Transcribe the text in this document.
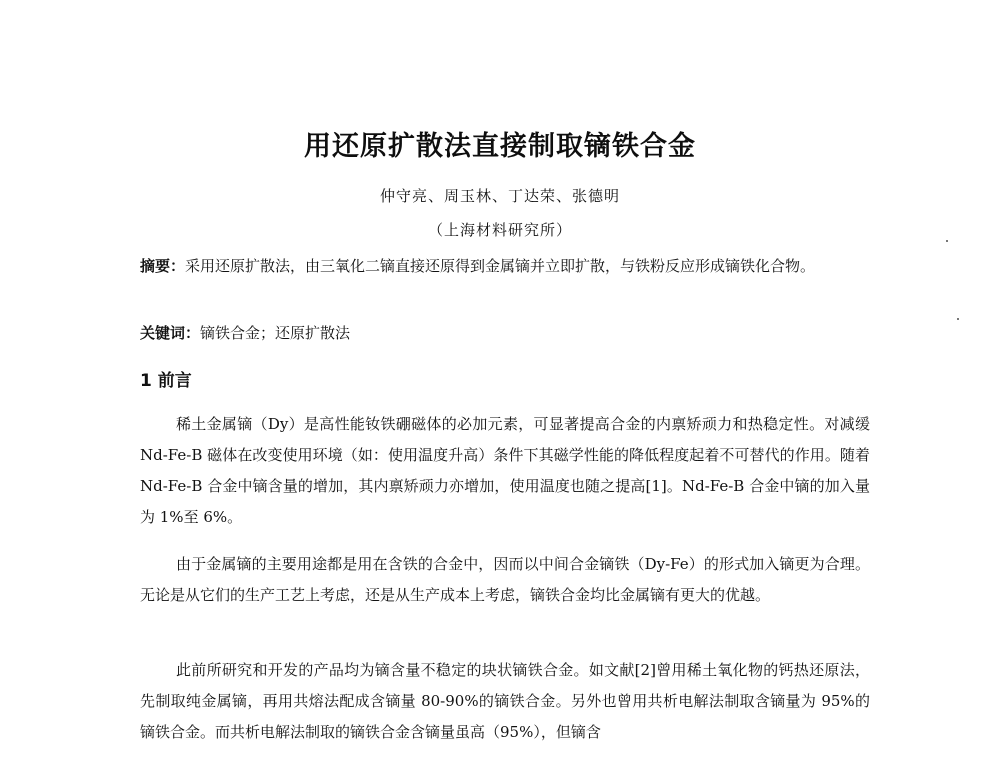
用还原扩散法直接制取镝铁合金
仲守亮、周玉林、丁达荣、张德明
（上海材料研究所）
摘要：采用还原扩散法，由三氧化二镝直接还原得到金属镝并立即扩散，与铁粉反应形成镝铁化合物。
关键词：镝铁合金；还原扩散法
1 前言

稀土金属镝（Dy）是高性能钕铁硼磁体的必加元素，可显著提高合金的内禀矫顽力和热稳定性。对减缓 Nd-Fe-B 磁体在改变使用环境（如：使用温度升高）条件下其磁学性能的降低程度起着不可替代的作用。随着 Nd-Fe-B 合金中镝含量的增加，其内禀矫顽力亦增加，使用温度也随之提高[1]。Nd-Fe-B 合金中镝的加入量为 1%至 6%。

由于金属镝的主要用途都是用在含铁的合金中，因而以中间合金镝铁（Dy-Fe）的形式加入镝更为合理。无论是从它们的生产工艺上考虑，还是从生产成本上考虑，镝铁合金均比金属镝有更大的优越。

此前所研究和开发的产品均为镝含量不稳定的块状镝铁合金。如文献[2]曾用稀土氧化物的钙热还原法，先制取纯金属镝，再用共熔法配成含镝量 80-90%的镝铁合金。另外也曾用共析电解法制取含镝量为 95%的镝铁合金。而共析电解法制取的镝铁合金含镝量虽高（95%），但镝含
